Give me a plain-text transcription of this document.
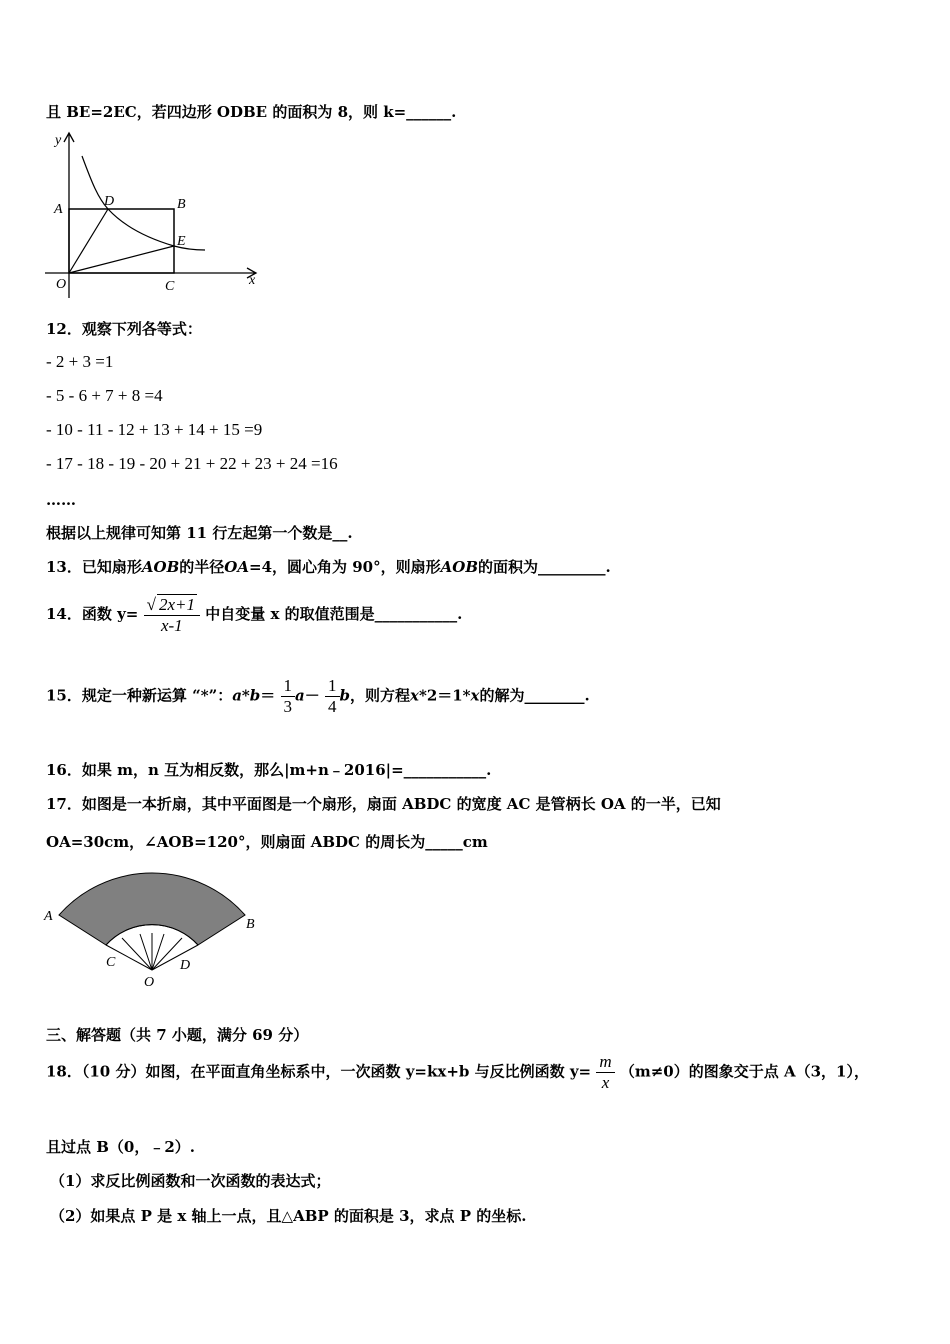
且 BE=2EC，若四边形 ODBE 的面积为 8，则 k=______.
y
A
D	B
E
O	C	x
12．观察下列各等式：
- 2 + 3 =1
- 5 - 6 + 7 + 8 =4
- 10 - 11 - 12 + 13 + 14 + 15 =9
- 17 - 18 - 19 - 20 + 21 + 22 + 23 + 24 =16
……
根据以上规律可知第 11 行左起第一个数是__.
13．已知扇形AOB的半径OA=4，圆心角为 90°，则扇形AOB的面积为_________.
14．函数 $y= \frac{√ 2x+1}{x-1}$ 中自变量 x 的取值范围是___________.
15．规定一种新运算 “*”：$a*b= \frac{1}{3} a- \frac{1}{4}$ b，则方程x*2＝1*x的解为________.
16．如果 m，n 互为相反数，那么|m+n﹣2016|=___________.
17．如图是一本折扇，其中平面图是一个扇形，扇面 ABDC 的宽度 AC 是管柄长 OA 的一半，已知
OA=30cm，∠AOB=120°，则扇面 ABDC 的周长为_____cm
A
B
C	D
O
三、解答题（共 7 小题，满分 69 分）
18．（10 分）如图，在平面直角坐标系中，一次函数 y=kx+b 与反比例函数 $y= \frac{m}{x} (m\ne 0)$的图象交于点 A（3，1），
且过点 B（0，﹣2）.
（1）求反比例函数和一次函数的表达式；
（2）如果点 P 是 x 轴上一点，且△ABP 的面积是 3，求点 P 的坐标.
